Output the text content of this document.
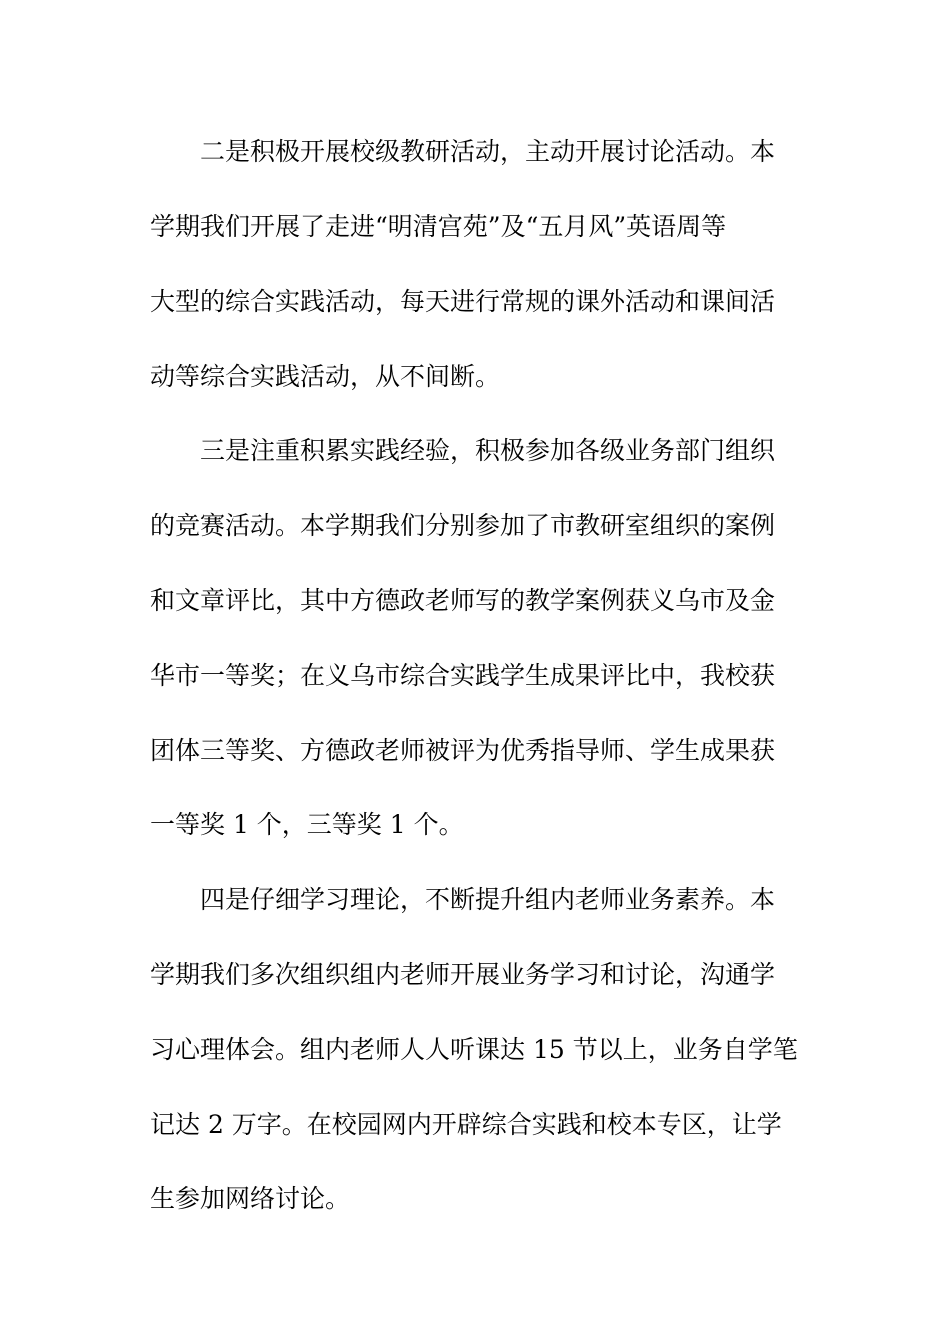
二是积极开展校级教研活动，主动开展讨论活动。本

学期我们开展了走进“明清宫苑”及“五月风”英语周等

大型的综合实践活动，每天进行常规的课外活动和课间活

动等综合实践活动，从不间断。

三是注重积累实践经验，积极参加各级业务部门组织

的竞赛活动。本学期我们分别参加了市教研室组织的案例

和文章评比，其中方德政老师写的教学案例获义乌市及金

华市一等奖；在义乌市综合实践学生成果评比中，我校获

团体三等奖、方德政老师被评为优秀指导师、学生成果获

一等奖 1 个，三等奖 1 个。

四是仔细学习理论，不断提升组内老师业务素养。本

学期我们多次组织组内老师开展业务学习和讨论，沟通学

习心理体会。组内老师人人听课达 15 节以上，业务自学笔

记达 2 万字。在校园网内开辟综合实践和校本专区，让学

生参加网络讨论。
